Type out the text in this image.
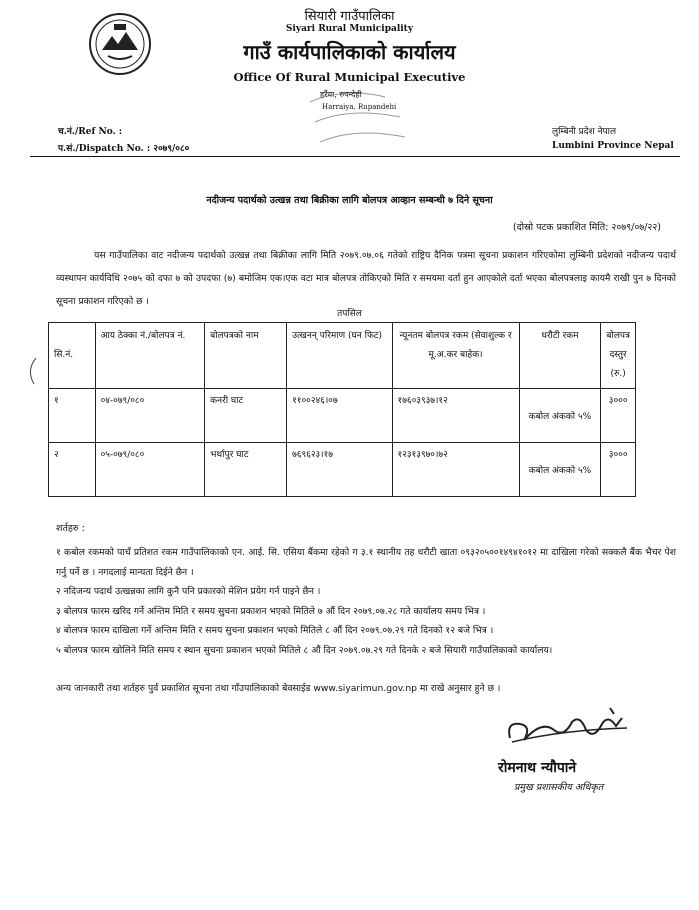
सियारी गाउँपालिका
Siyari Rural Municipality
गाउँ कार्यपालिकाको कार्यालय
Office Of Rural Municipal Executive
हर्रैया, रुपन्देही
Harraiya, Rupandehi
च.नं./Ref No. :
प.सं./Dispatch No. : २०७९/०८०
लुम्बिनी प्रदेश नेपाल
Lumbini Province Nepal
नदीजन्य पदार्थको उत्खन्न तथा बिक्रीका लागि बोलपत्र आव्हान सम्बन्धी ७ दिने सूचना
(दोस्रो पटक प्रकाशित मिति: २०७९/०७/२२)

यस गाउँपालिका वाट नदीजन्य पदार्थको उत्खन्न तथा बिक्रीका लागि मिति २०७९.०७.०६ गतेको राष्ट्रिय दैनिक पत्रमा सूचना प्रकाशन गरिएकोमा लुम्बिनी प्रदेशको नदीजन्य पदार्थ व्यस्थापन कार्यविधि २०७५ को दफा ७ को उपदफा (७) बमोजिम एक।एक वटा मात्र बोलपत्र तोकिएको मिति र समयमा दर्ता हुन आएकोले दर्ता भएका बोलपत्रलाइ कायमै राखी पुन ७ दिनको सूचना प्रकाशन गरिएको छ ।

तपसिल
सि.नं.	आय ठेक्का नं./बोलपत्र नं.	बोलपत्रको नाम	उत्खनन् परिमाण (घन फिट)	न्यूनतम बोलपत्र रकम (सेवाशुल्क र मू.अ.कर बाहेक।	धरौटी रकम	बोलपत्र दस्तुर (रु.)
१	०४-०७९/०८०	कनरी घाट	११००२४६।०७	१७६०३९३७।१२	कबोल अंकको ५%	३०००
२	०५-०७९/०८०	भर्थापुर घाट	७६९६२३।१७	१२३१३९७०।७२	कबोल अंकको ५%	३०००
शर्तहरु :
१ कबोल रकमको पाचँ प्रतिशत रकम गाउँपालिकाको एन. आई. सि. एसिया बैंकमा रहेको ग ३.१ स्थानीय तह धरौटी खाता ०९३२०५००१४९४१०१२ मा दाखिला गरेको सक्कलै बैंक भैचर पेश गर्नु पर्ने छ । नगदलाई मान्यता दिईने छैन ।
२ नदिजन्य पदार्थ उत्खन्नका लागि कुनै पनि प्रकारको मेशिन प्रयेग गर्न पाइने छैन ।
३ बोलपत्र फारम खरिद गर्ने अन्तिम मिति र समय सुचना प्रकाशन भएको मितिले ७ औं दिन २०७९.०७.२८ गते कार्यालय समय भित्र ।
४ बोलपत्र फारम दाखिला गर्ने अन्तिम मिति र समय सुचना प्रकाशन भएको मितिले ८ औं दिन २०७९.०७.२९ गते दिनको १२ बजे भित्र ।
५ बोलपत्र फारम खोलिने मिति समय र स्थान सुचना प्रकाशन भएको मितिले ८ औं दिन २०७९.०७.२९ गते दिनके २ बजे सियारी गाउँपालिकाको कार्यालय।
अन्य जानकारी तथा शर्तहरु पुर्व प्रकाशित सूचना तथा गाँउपालिकाको बेवसाईड www.siyarimun.gov.np मा राखे अनुसार हुने छ ।
रोमनाथ न्यौपाने
प्रमुख प्रशासकीय अधिकृत
